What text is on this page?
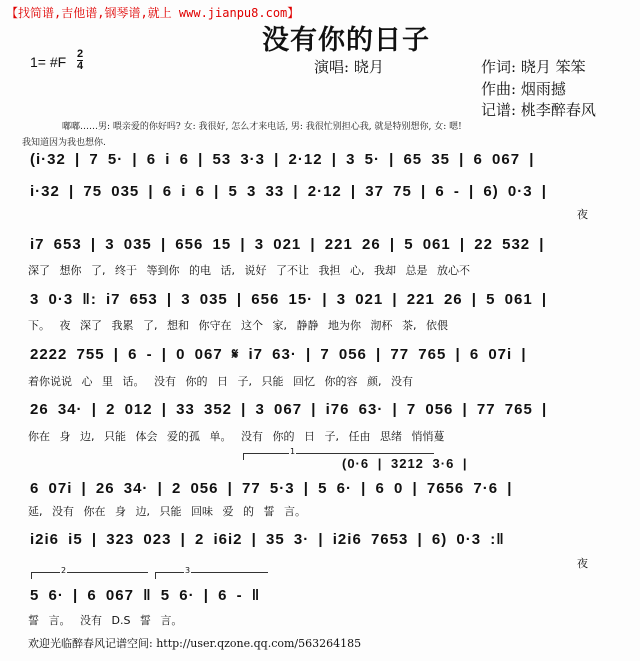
【找简谱,吉他谱,钢琴谱,就上 www.jianpu8.com】
没有你的日子
1= #F 2
4	演唱: 晓月	作词: 晓月 笨笨
作曲: 烟雨撼
记谱: 桃李醉春风
嘟嘟……男: 喂亲爱的你好吗? 女: 我很好, 怎么才来电话, 男: 我很忙别担心我, 就是特别想你, 女: 嗯!
我知道因为我也想你.
(i·32 | 7 5· | 6 i 6 | 53 3·3 | 2·12 | 3 5· | 65 35 | 6 067 |
i·32 | 75 035 | 6 i 6 | 5 3 33 | 2·12 | 37 75 | 6 - | 6) 0·3 |
夜
i7 653 | 3 035 | 656 15 | 3 021 | 221 26 | 5 061 | 22 532 |
深了 想你 了, 终于 等到你 的电 话, 说好 了不让 我担 心, 我却 总是 放心不
3 0·3 ‖: i7 653 | 3 035 | 656 15· | 3 021 | 221 26 | 5 061 |
下。 夜 深了 我累 了, 想和 你守在 这个 家, 静静 地为你 沏杯 茶, 依偎
2222 755 | 6 - | 0 067 𝄋 i7 63· | 7 056 | 77 765 | 6 07i |
着你说说 心 里 话。 没有 你的 日 子, 只能 回忆 你的容 颜, 没有
26 34· | 2 012 | 33 352 | 3 067 | i76 63· | 7 056 | 77 765 |
你在 身 边, 只能 体会 爱的孤 单。 没有 你的 日 子, 任由 思绪 悄悄蔓
1
(0·6 | 3212 3·6 |
6 07i | 26 34· | 2 056 | 77 5·3 | 5 6· | 6 0 | 7656 7·6 |
延, 没有 你在 身 边, 只能 回味 爱 的 誓 言。
i2i6 i5 | 323 023 | 2 i6i2 | 35 3· | i2i6 7653 | 6) 0·3 :‖
夜
2	3
5 6· | 6 067 ‖ 5 6· | 6 - ‖
誓 言。 没有 D.S 誓 言。
欢迎光临醉春风记谱空间: http://user.qzone.qq.com/563264185
